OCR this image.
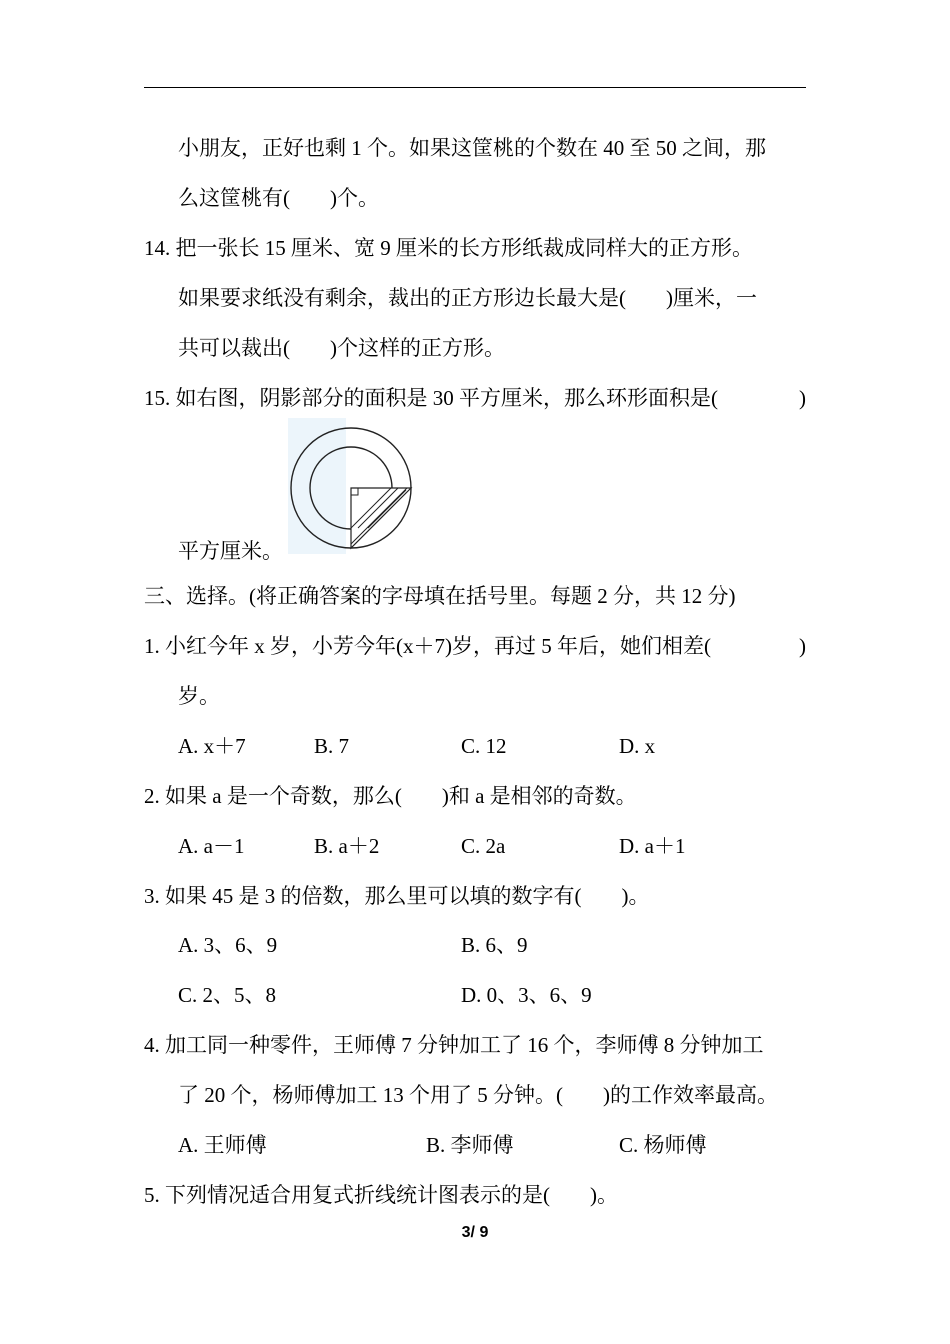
小朋友，正好也剩 1 个。如果这筐桃的个数在 40 至 50 之间，那
么这筐桃有( )个。
14. 把一张长 15 厘米、宽 9 厘米的长方形纸裁成同样大的正方形。
如果要求纸没有剩余，裁出的正方形边长最大是( )厘米，一
共可以裁出( )个这样的正方形。
15. 如右图，阴影部分的面积是 30 平方厘米，那么环形面积是(	)
平方厘米。
三、选择。(将正确答案的字母填在括号里。每题 2 分，共 12 分)
1. 小红今年 x 岁，小芳今年(x＋7)岁，再过 5 年后，她们相差(	)
岁。
A. x＋7	B. 7	C. 12	D. x
2. 如果 a 是一个奇数，那么( )和 a 是相邻的奇数。
A. a－1	B. a＋2	C. 2a	D. a＋1
3. 如果 45 是 3 的倍数，那么里可以填的数字有( )。
A. 3、6、9	B. 6、9
C. 2、5、8	D. 0、3、6、9
4. 加工同一种零件，王师傅 7 分钟加工了 16 个，李师傅 8 分钟加工
了 20 个，杨师傅加工 13 个用了 5 分钟。( )的工作效率最高。
A. 王师傅	B. 李师傅	C. 杨师傅
5. 下列情况适合用复式折线统计图表示的是( )。
3/ 9
